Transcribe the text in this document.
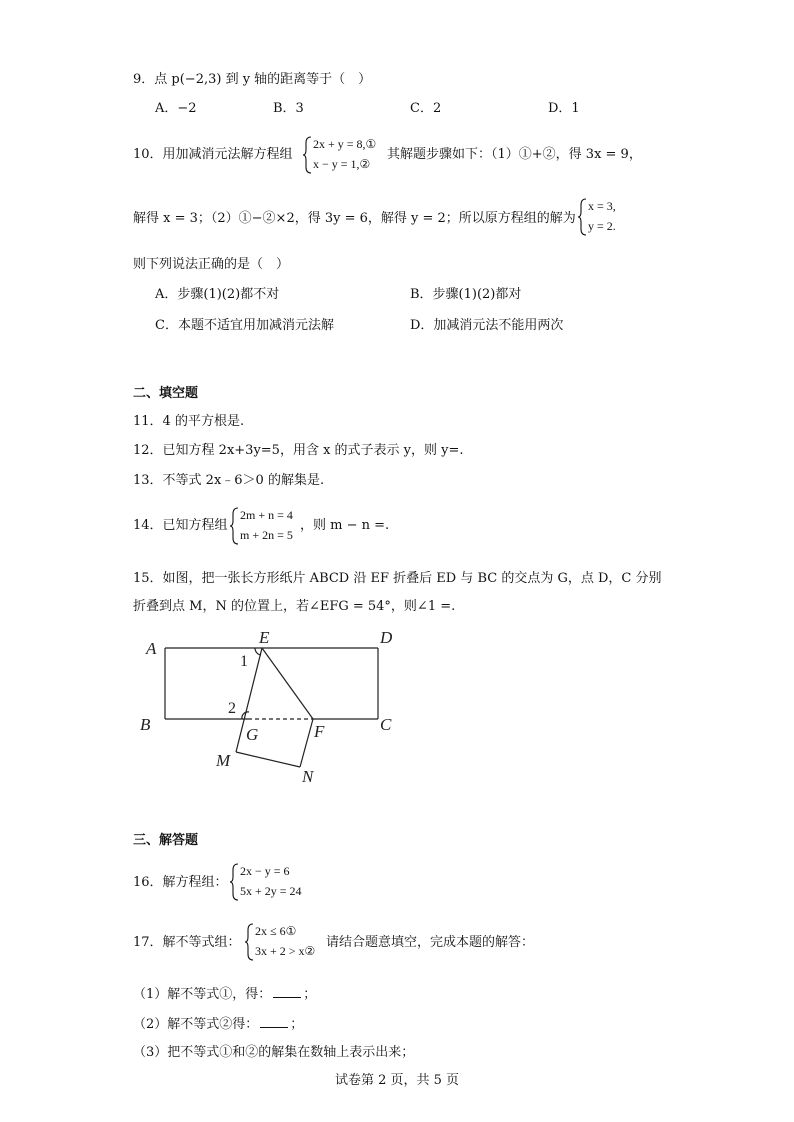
9．点 p(−2,3) 到 y 轴的距离等于（　）
A．−2	B．3	C．2	D．1
10．用加减消元法解方程组
2x + y = 8,①
x − y = 1,②
其解题步骤如下：（1）①+②，得 3x = 9，
解得 x = 3；（2）①−②×2，得 3y = 6，解得 y = 2；所以原方程组的解为
x = 3,
y = 2.
则下列说法正确的是（　）
A．步骤(1)(2)都不对	B．步骤(1)(2)都对
C．本题不适宜用加减消元法解	D．加减消元法不能用两次
二、填空题
11．4 的平方根是.
12．已知方程 2x+3y=5，用含 x 的式子表示 y，则 y=.
13．不等式 2x﹣6＞0 的解集是.
14．已知方程组
2m + n = 4
m + 2n = 5
，则 m − n =.
15．如图，把一张长方形纸片 ABCD 沿 EF 折叠后 ED 与 BC 的交点为 G，点 D，C 分别
折叠到点 M，N 的位置上，若∠EFG = 54°，则∠1 =.
A
E	D
B
G	F	C
M
N
1
2
三、解答题
16．解方程组：
2x − y = 6
5x + 2y = 24
17．解不等式组：
2x ≤ 6①
3x + 2 > x②
请结合题意填空，完成本题的解答：
（1）解不等式①，得： ；
（2）解不等式②得： ；
（3）把不等式①和②的解集在数轴上表示出来；
试卷第 2 页，共 5 页
